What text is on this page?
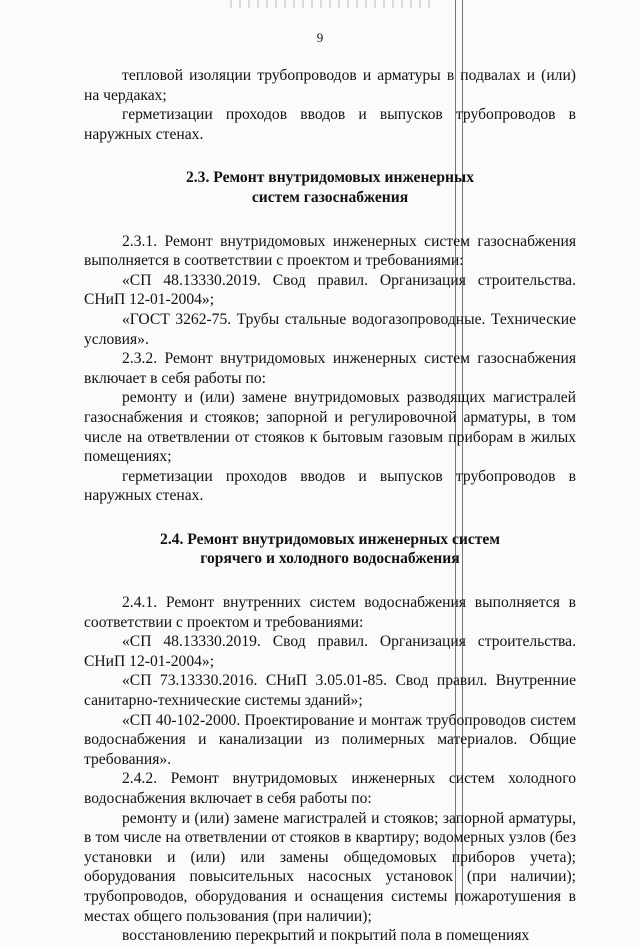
9

тепловой изоляции трубопроводов и арматуры в подвалах и (или) на чердаках;

герметизации проходов вводов и выпусков трубопроводов в наружных стенах.

2.3. Ремонт внутридомовых инженерных
систем газоснабжения

2.3.1. Ремонт внутридомовых инженерных систем газоснабжения выполняется в соответствии с проектом и требованиями:

«СП 48.13330.2019. Свод правил. Организация строительства. СНиП 12-01-2004»;

«ГОСТ 3262-75. Трубы стальные водогазопроводные. Технические условия».

2.3.2. Ремонт внутридомовых инженерных систем газоснабжения включает в себя работы по:

ремонту и (или) замене внутридомовых разводящих магистралей газоснабжения и стояков; запорной и регулировочной арматуры, в том числе на ответвлении от стояков к бытовым газовым приборам в жилых помещениях;

герметизации проходов вводов и выпусков трубопроводов в наружных стенах.

2.4. Ремонт внутридомовых инженерных систем
горячего и холодного водоснабжения

2.4.1. Ремонт внутренних систем водоснабжения выполняется в соответствии с проектом и требованиями:

«СП 48.13330.2019. Свод правил. Организация строительства. СНиП 12-01-2004»;

«СП 73.13330.2016. СНиП 3.05.01-85. Свод правил. Внутренние санитарно-технические системы зданий»;

«СП 40-102-2000. Проектирование и монтаж трубопроводов систем водоснабжения и канализации из полимерных материалов. Общие требования».

2.4.2. Ремонт внутридомовых инженерных систем холодного водоснабжения включает в себя работы по:

ремонту и (или) замене магистралей и стояков; запорной арматуры, в том числе на ответвлении от стояков в квартиру; водомерных узлов (без установки и (или) или замены общедомовых приборов учета); оборудования повысительных насосных установок (при наличии); трубопроводов, оборудования и оснащения системы пожаротушения в местах общего пользования (при наличии);

восстановлению перекрытий и покрытий пола в помещениях
